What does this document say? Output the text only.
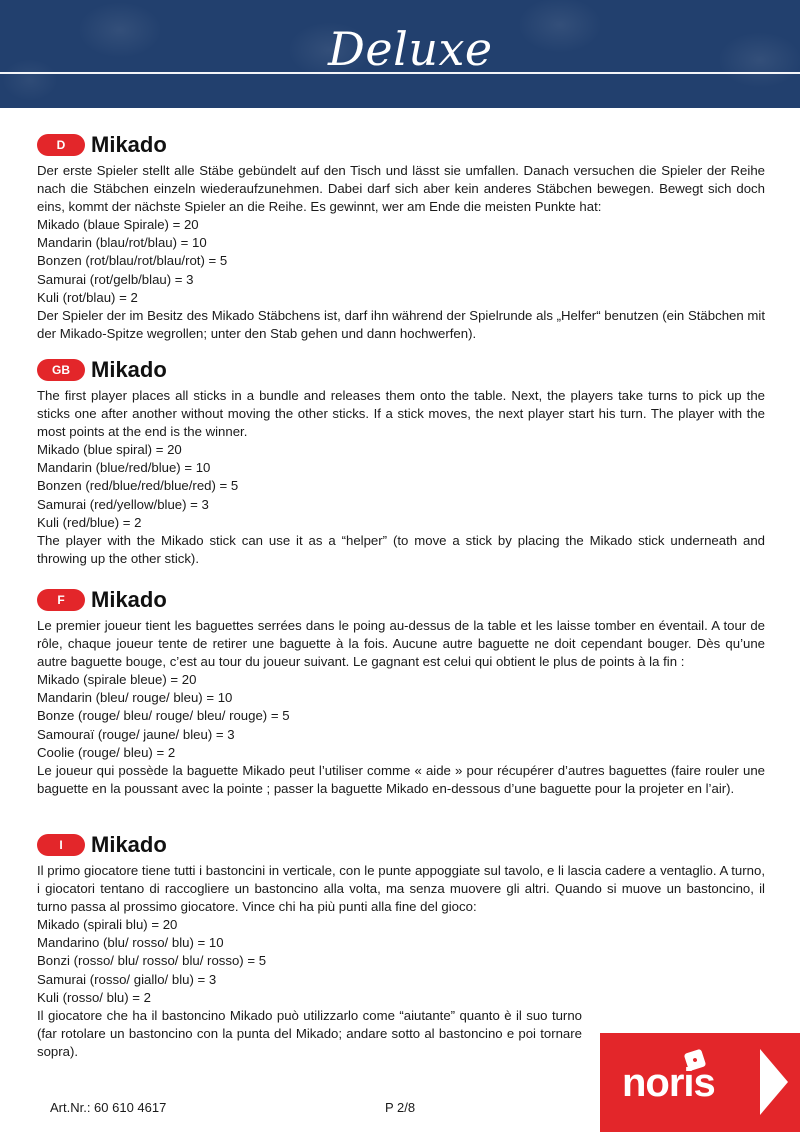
Deluxe
D	Mikado

Der erste Spieler stellt alle Stäbe gebündelt auf den Tisch und lässt sie umfallen. Danach versuchen die Spieler der Reihe nach die Stäbchen einzeln wiederaufzunehmen. Dabei darf sich aber kein anderes Stäbchen bewegen. Bewegt sich doch eins, kommt der nächste Spieler an die Reihe. Es gewinnt, wer am Ende die meisten Punkte hat:

Mikado (blaue Spirale) = 20

Mandarin (blau/rot/blau) = 10

Bonzen (rot/blau/rot/blau/rot) = 5

Samurai (rot/gelb/blau) = 3

Kuli (rot/blau) = 2

Der Spieler der im Besitz des Mikado Stäbchens ist, darf ihn während der Spielrunde als „Helfer“ benutzen (ein Stäbchen mit der Mikado-Spitze wegrollen; unter den Stab gehen und dann hochwerfen).

GB Mikado

The first player places all sticks in a bundle and releases them onto the table. Next, the players take turns to pick up the sticks one after another without moving the other sticks. If a stick moves, the next player start his turn. The player with the most points at the end is the winner.

Mikado (blue spiral) = 20

Mandarin (blue/red/blue) = 10

Bonzen (red/blue/red/blue/red) = 5

Samurai (red/yellow/blue) = 3

Kuli (red/blue) = 2

The player with the Mikado stick can use it as a “helper” (to move a stick by placing the Mikado stick underneath and throwing up the other stick).

F	Mikado

Le premier joueur tient les baguettes serrées dans le poing au-dessus de la table et les laisse tomber en éventail. A tour de rôle, chaque joueur tente de retirer une baguette à la fois. Aucune autre baguette ne doit cependant bouger. Dès qu’une autre baguette bouge, c’est au tour du joueur suivant. Le gagnant est celui qui obtient le plus de points à la fin :

Mikado (spirale bleue) = 20

Mandarin (bleu/ rouge/ bleu) = 10

Bonze (rouge/ bleu/ rouge/ bleu/ rouge) = 5

Samouraï (rouge/ jaune/ bleu) = 3

Coolie (rouge/ bleu) = 2

Le joueur qui possède la baguette Mikado peut l’utiliser comme « aide » pour récupérer d’autres baguettes (faire rouler une baguette en la poussant avec la pointe ; passer la baguette Mikado en-dessous d’une baguette pour la projeter en l’air).

I	Mikado

Il primo giocatore tiene tutti i bastoncini in verticale, con le punte appoggiate sul tavolo, e li lascia cadere a ventaglio. A turno, i giocatori tentano di raccogliere un bastoncino alla volta, ma senza muovere gli altri. Quando si muove un bastoncino, il turno passa al prossimo giocatore. Vince chi ha più punti alla fine del gioco:

Mikado (spirali blu) = 20

Mandarino (blu/ rosso/ blu) = 10

Bonzi (rosso/ blu/ rosso/ blu/ rosso) = 5

Samurai (rosso/ giallo/ blu) = 3

Kuli (rosso/ blu) = 2

Il giocatore che ha il bastoncino Mikado può utilizzarlo come “aiutante” quanto è il suo turno (far rotolare un bastoncino con la punta del Mikado; andare sotto al bastoncino e poi tornare sopra).

Art.Nr.: 60 610 4617	P 2/8
noris
